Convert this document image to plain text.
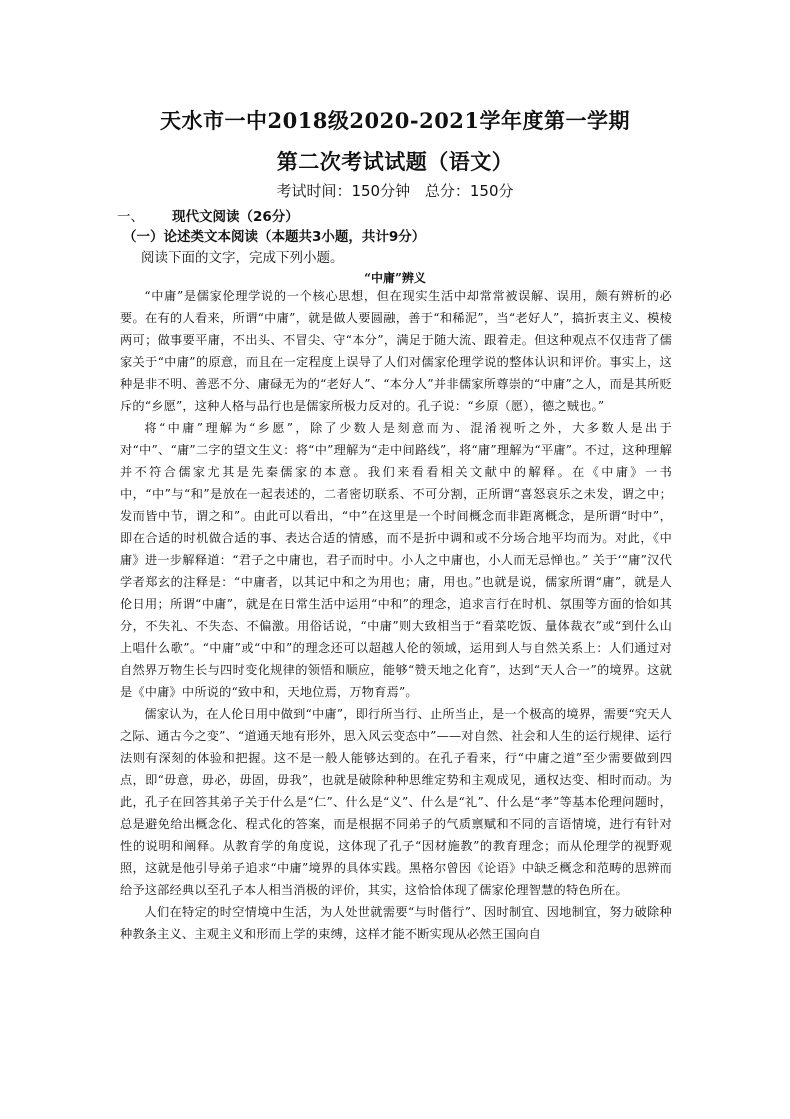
天水市一中2018级2020-2021学年度第一学期
第二次考试试题（语文）
考试时间：150分钟 总分：150分
一、 现代文阅读（26分）
（一）论述类文本阅读（本题共3小题，共计9分）
阅读下面的文字，完成下列小题。
“中庸”辨义

“中庸”是儒家伦理学说的一个核心思想，但在现实生活中却常常被误解、误用，颇有辨析的必要。在有的人看来，所谓“中庸”，就是做人要圆融，善于“和稀泥”，当“老好人”，搞折衷主义、模棱两可；做事要平庸，不出头、不冒尖、守“本分”，满足于随大流、跟着走。但这种观点不仅违背了儒家关于“中庸”的原意，而且在一定程度上误导了人们对儒家伦理学说的整体认识和评价。事实上，这种是非不明、善恶不分、庸碌无为的“老好人”、“本分人”并非儒家所尊崇的“中庸”之人，而是其所贬斥的“乡愿”，这种人格与品行也是儒家所极力反对的。孔子说：“乡原（愿），德之贼也。”

将“中庸”理解为“乡愿”，除了少数人是刻意而为、混淆视听之外，大多数人是出于对“中”、“庸”二字的望文生义：将“中”理解为“走中间路线”，将“庸”理解为“平庸”。不过，这种理解并不符合儒家尤其是先秦儒家的本意。我们来看看相关文献中的解释。在《中庸》一书中，“中”与“和”是放在一起表述的，二者密切联系、不可分割，正所谓“喜怒哀乐之未发，谓之中；发而皆中节，谓之和”。由此可以看出，“中”在这里是一个时间概念而非距离概念，是所谓“时中”，即在合适的时机做合适的事、表达合适的情感，而不是折中调和或不分场合地平均而为。对此，《中庸》进一步解释道：“君子之中庸也，君子而时中。小人之中庸也，小人而无忌惮也。” 关于‘“庸”汉代学者郑玄的注释是：“中庸者，以其记中和之为用也；庸，用也。”也就是说，儒家所谓“庸”，就是人伦日用；所谓“中庸”，就是在日常生活中运用“中和”的理念，追求言行在时机、氛围等方面的恰如其分，不失礼、不失态、不偏激。用俗话说，“中庸”则大致相当于“看菜吃饭、量体裁衣”或“到什么山上唱什么歌”。“中庸”或“中和”的理念还可以超越人伦的领域，运用到人与自然关系上：人们通过对自然界万物生长与四时变化规律的领悟和顺应，能够“赞天地之化育”，达到“天人合一”的境界。这就是《中庸》中所说的“致中和，天地位焉，万物育焉”。

儒家认为，在人伦日用中做到“中庸”，即行所当行、止所当止，是一个极高的境界，需要“究天人之际、通古今之变”、“道通天地有形外，思入风云变态中”——对自然、社会和人生的运行规律、运行法则有深刻的体验和把握。这不是一般人能够达到的。在孔子看来，行“中庸之道”至少需要做到四点，即“毋意，毋必，毋固，毋我”，也就是破除种种思维定势和主观成见，通权达变、相时而动。为此，孔子在回答其弟子关于什么是“仁”、什么是“义”、什么是“礼”、什么是“孝”等基本伦理问题时，总是避免给出概念化、程式化的答案，而是根据不同弟子的气质禀赋和不同的言语情境，进行有针对性的说明和阐释。从教育学的角度说，这体现了孔子“因材施教”的教育理念；而从伦理学的视野观照，这就是他引导弟子追求“中庸”境界的具体实践。黑格尔曾因《论语》中缺乏概念和范畴的思辨而给予这部经典以至孔子本人相当消极的评价，其实，这恰恰体现了儒家伦理智慧的特色所在。

人们在特定的时空情境中生活，为人处世就需要“与时偕行”、因时制宜、因地制宜，努力破除种种教条主义、主观主义和形而上学的束缚，这样才能不断实现从必然王国向自
